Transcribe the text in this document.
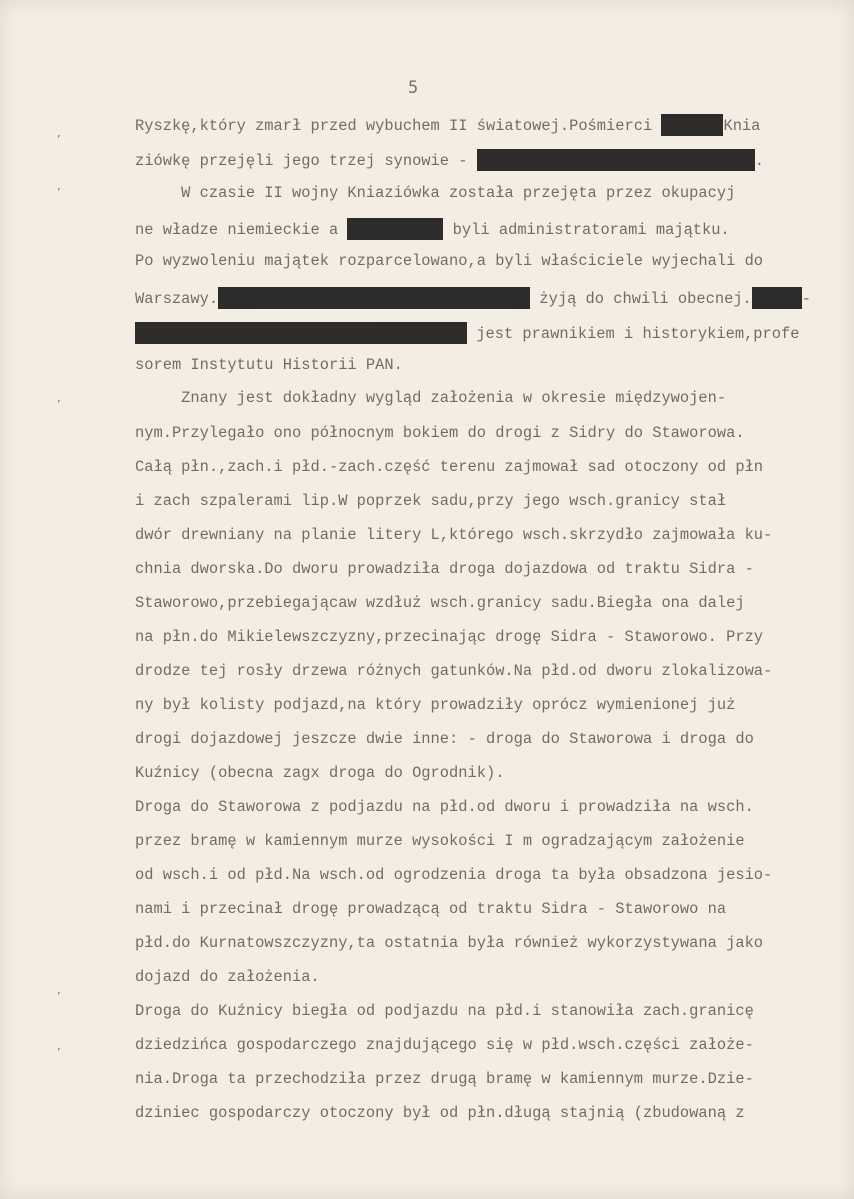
ʼ
ʼ
ʼ
ʼ
ʼ
5
Ryszkę,który zmarł przed wybuchem II światowej.Pośmierci	Knia
ziówkę przejęli jego trzej synowie -	.
W czasie II wojny Kniaziówka została przejęta przez okupacyj
ne władze niemieckie a	byli administratorami majątku.
Po wyzwoleniu majątek rozparcelowano,a byli właściciele wyjechali do
Warszawy.	żyją do chwili obecnej.	-
jest prawnikiem i historykiem,profe
sorem Instytutu Historii PAN.
Znany jest dokładny wygląd założenia w okresie międzywojen-
nym.Przylegało ono północnym bokiem do drogi z Sidry do Staworowa.
Całą płn.,zach.i płd.-zach.część terenu zajmował sad otoczony od płn
i zach szpalerami lip.W poprzek sadu,przy jego wsch.granicy stał
dwór drewniany na planie litery L,którego wsch.skrzydło zajmowała ku-
chnia dworska.Do dworu prowadziła droga dojazdowa od traktu Sidra -
Staworowo,przebiegającaw wzdłuż wsch.granicy sadu.Biegła ona dalej
na płn.do Mikielewszczyzny,przecinając drogę Sidra - Staworowo. Przy
drodze tej rosły drzewa różnych gatunków.Na płd.od dworu zlokalizowa-
ny był kolisty podjazd,na który prowadziły oprócz wymienionej już
drogi dojazdowej jeszcze dwie inne: - droga do Staworowa i droga do
Kuźnicy (obecna zagx droga do Ogrodnik).
Droga do Staworowa z podjazdu na płd.od dworu i prowadziła na wsch.
przez bramę w kamiennym murze wysokości I m ogradzającym założenie
od wsch.i od płd.Na wsch.od ogrodzenia droga ta była obsadzona jesio-
nami i przecinał drogę prowadzącą od traktu Sidra - Staworowo na
płd.do Kurnatowszczyzny,ta ostatnia była również wykorzystywana jako
dojazd do założenia.
Droga do Kuźnicy biegła od podjazdu na płd.i stanowiła zach.granicę
dziedzińca gospodarczego znajdującego się w płd.wsch.części założe-
nia.Droga ta przechodziła przez drugą bramę w kamiennym murze.Dzie-
dziniec gospodarczy otoczony był od płn.długą stajnią (zbudowaną z
